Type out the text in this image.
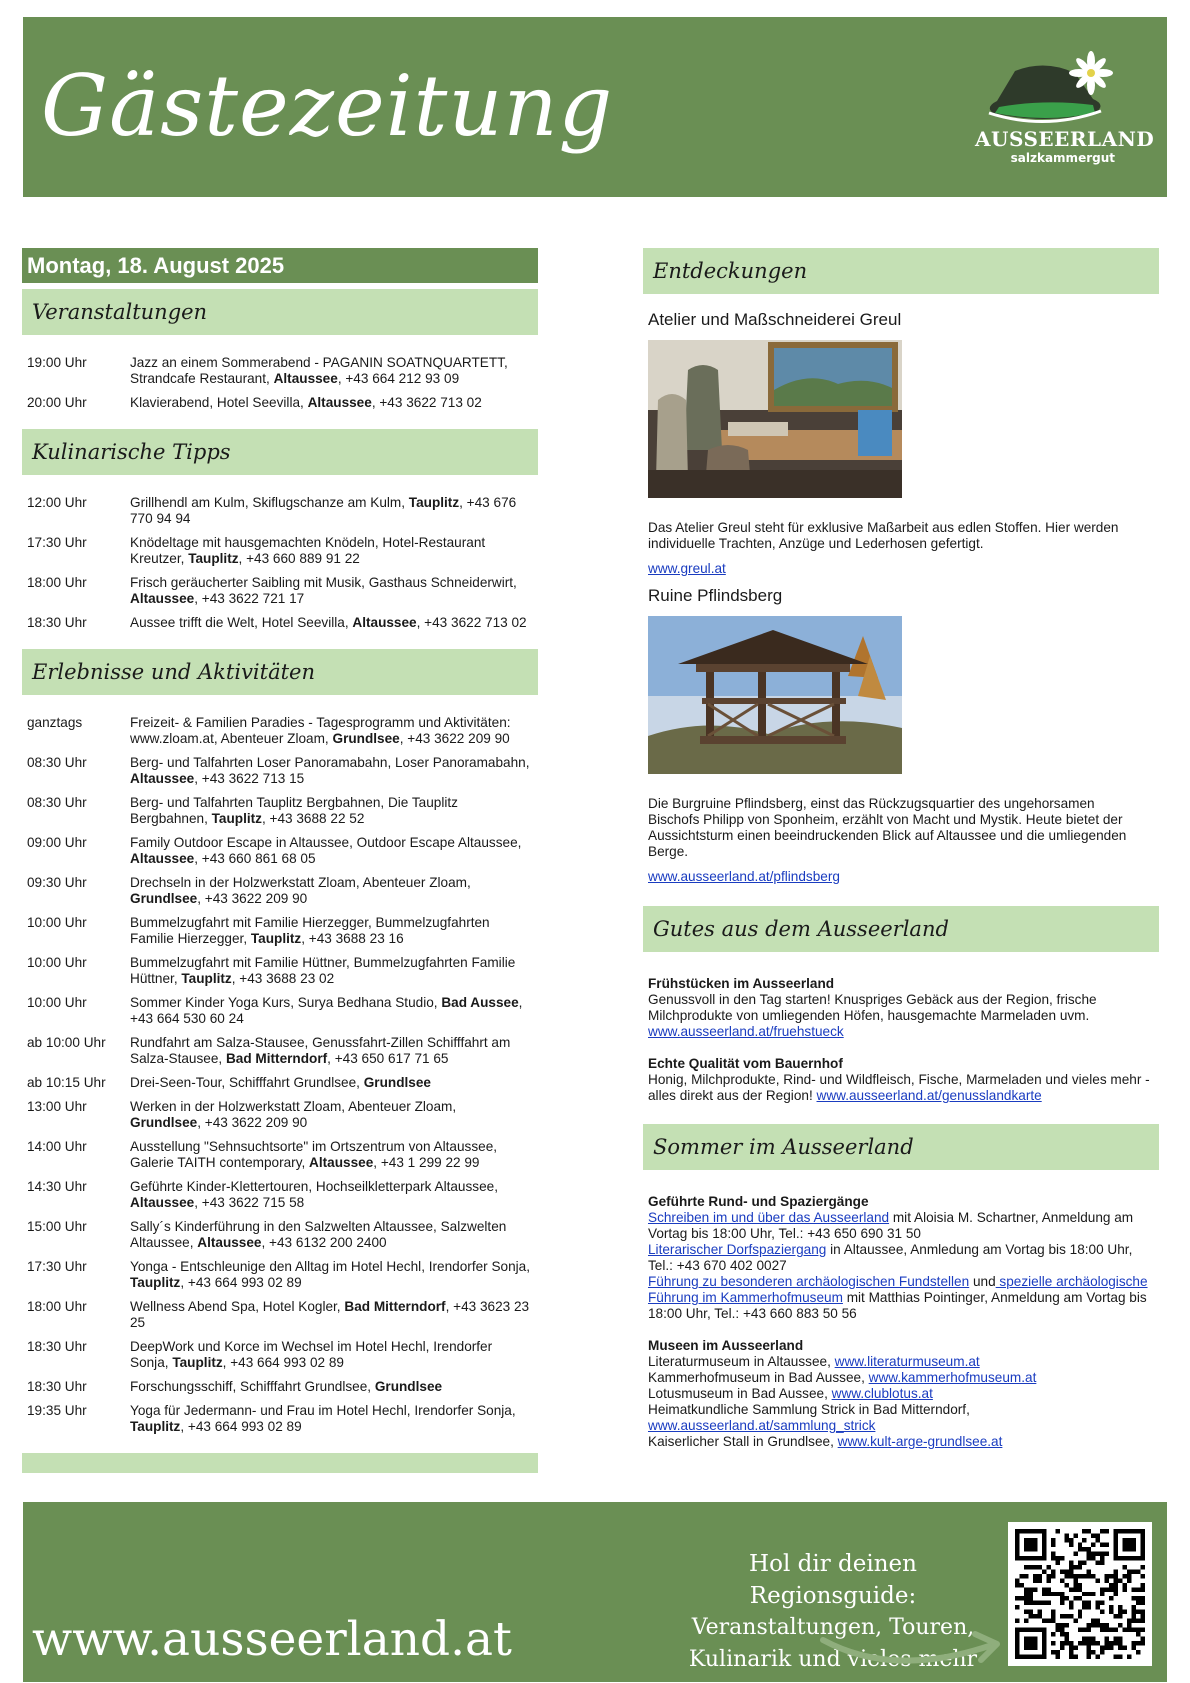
Gästezeitung	AUSSEERLAND
salzkammergut
Montag, 18. August 2025
Veranstaltungen
19:00 Uhr	Jazz an einem Sommerabend - PAGANIN SOATNQUARTETT, Strandcafe Restaurant, Altaussee, +43 664 212 93 09
20:00 Uhr	Klavierabend, Hotel Seevilla, Altaussee, +43 3622 713 02
Kulinarische Tipps
12:00 Uhr	Grillhendl am Kulm, Skiflugschanze am Kulm, Tauplitz, +43 676 770 94 94
17:30 Uhr	Knödeltage mit hausgemachten Knödeln, Hotel-Restaurant Kreutzer, Tauplitz, +43 660 889 91 22
18:00 Uhr	Frisch geräucherter Saibling mit Musik, Gasthaus Schneiderwirt, Altaussee, +43 3622 721 17
18:30 Uhr	Aussee trifft die Welt, Hotel Seevilla, Altaussee, +43 3622 713 02
Erlebnisse und Aktivitäten
ganztags	Freizeit- & Familien Paradies - Tagesprogramm und Aktivitäten: www.zloam.at, Abenteuer Zloam, Grundlsee, +43 3622 209 90
08:30 Uhr	Berg- und Talfahrten Loser Panoramabahn, Loser Panoramabahn, Altaussee, +43 3622 713 15
08:30 Uhr	Berg- und Talfahrten Tauplitz Bergbahnen, Die Tauplitz Bergbahnen, Tauplitz, +43 3688 22 52
09:00 Uhr	Family Outdoor Escape in Altaussee, Outdoor Escape Altaussee, Altaussee, +43 660 861 68 05
09:30 Uhr	Drechseln in der Holzwerkstatt Zloam, Abenteuer Zloam, Grundlsee, +43 3622 209 90
10:00 Uhr	Bummelzugfahrt mit Familie Hierzegger, Bummelzugfahrten Familie Hierzegger, Tauplitz, +43 3688 23 16
10:00 Uhr	Bummelzugfahrt mit Familie Hüttner, Bummelzugfahrten Familie Hüttner, Tauplitz, +43 3688 23 02
10:00 Uhr	Sommer Kinder Yoga Kurs, Surya Bedhana Studio, Bad Aussee, +43 664 530 60 24
ab 10:00 Uhr	Rundfahrt am Salza-Stausee, Genussfahrt-Zillen Schifffahrt am Salza-Stausee, Bad Mitterndorf, +43 650 617 71 65
ab 10:15 Uhr	Drei-Seen-Tour, Schifffahrt Grundlsee, Grundlsee
13:00 Uhr	Werken in der Holzwerkstatt Zloam, Abenteuer Zloam, Grundlsee, +43 3622 209 90
14:00 Uhr	Ausstellung "Sehnsuchtsorte" im Ortszentrum von Altaussee, Galerie TAITH contemporary, Altaussee, +43 1 299 22 99
14:30 Uhr	Geführte Kinder-Klettertouren, Hochseilkletterpark Altaussee, Altaussee, +43 3622 715 58
15:00 Uhr	Sally´s Kinderführung in den Salzwelten Altaussee, Salzwelten Altaussee, Altaussee, +43 6132 200 2400
17:30 Uhr	Yonga - Entschleunige den Alltag im Hotel Hechl, Irendorfer Sonja, Tauplitz, +43 664 993 02 89
18:00 Uhr	Wellness Abend Spa, Hotel Kogler, Bad Mitterndorf, +43 3623 23 25
18:30 Uhr	DeepWork und Korce im Wechsel im Hotel Hechl, Irendorfer Sonja, Tauplitz, +43 664 993 02 89
18:30 Uhr	Forschungsschiff, Schifffahrt Grundlsee, Grundlsee
19:35 Uhr	Yoga für Jedermann- und Frau im Hotel Hechl, Irendorfer Sonja, Tauplitz, +43 664 993 02 89
Entdeckungen
Atelier und Maßschneiderei Greul
Das Atelier Greul steht für exklusive Maßarbeit aus edlen Stoffen. Hier werden individuelle Trachten, Anzüge und Lederhosen gefertigt.
www.greul.at
Ruine Pflindsberg
Die Burgruine Pflindsberg, einst das Rückzugsquartier des ungehorsamen Bischofs Philipp von Sponheim, erzählt von Macht und Mystik. Heute bietet der Aussichtsturm einen beeindruckenden Blick auf Altaussee und die umliegenden Berge.
www.ausseerland.at/pflindsberg
Gutes aus dem Ausseerland
Frühstücken im Ausseerland
Genussvoll in den Tag starten! Knuspriges Gebäck aus der Region, frische Milchprodukte von umliegenden Höfen, hausgemachte Marmeladen uvm.
www.ausseerland.at/fruehstueck
Echte Qualität vom Bauernhof
Honig, Milchprodukte, Rind- und Wildfleisch, Fische, Marmeladen und vieles mehr - alles direkt aus der Region! www.ausseerland.at/genusslandkarte
Sommer im Ausseerland
Geführte Rund- und Spaziergänge
Schreiben im und über das Ausseerland mit Aloisia M. Schartner, Anmeldung am Vortag bis 18:00 Uhr, Tel.: +43 650 690 31 50
Literarischer Dorfspaziergang in Altaussee, Anmledung am Vortag bis 18:00 Uhr, Tel.: +43 670 402 0027
Führung zu besonderen archäologischen Fundstellen und spezielle archäologische Führung im Kammerhofmuseum mit Matthias Pointinger, Anmeldung am Vortag bis 18:00 Uhr, Tel.: +43 660 883 50 56
Museen im Ausseerland
Literaturmuseum in Altaussee, www.literaturmuseum.at
Kammerhofmuseum in Bad Aussee, www.kammerhofmuseum.at
Lotusmuseum in Bad Aussee, www.clublotus.at
Heimatkundliche Sammlung Strick in Bad Mitterndorf, www.ausseerland.at/sammlung_strick
Kaiserlicher Stall in Grundlsee, www.kult-arge-grundlsee.at
www.ausseerland.at
Hol dir deinen Regionsguide:
Veranstaltungen, Touren,
Kulinarik und vieles mehr
